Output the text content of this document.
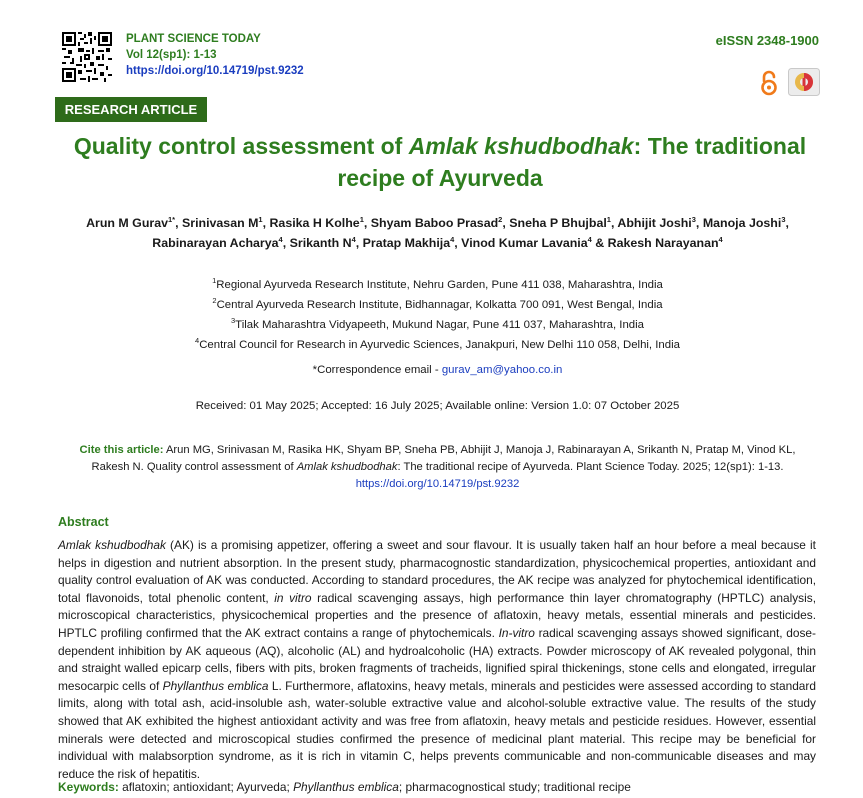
PLANT SCIENCE TODAY
Vol 12(sp1): 1-13
https://doi.org/10.14719/pst.9232
eISSN 2348-1900
RESEARCH ARTICLE
Quality control assessment of Amlak kshudbodhak: The traditional recipe of Ayurveda
Arun M Gurav$^{1*}$, Srinivasan $M^1$, Rasika H Kolhe$^1$, Shyam Baboo Prasad$^2$, Sneha P Bhujbal$^1$, Abhijit Joshi$^3$, Manoja Joshi$^3$, Rabinarayan Acharya$^4$, Srikanth $N^4$, Pratap Makhija$^4$, Vinod Kumar Lavania$^4$ & Rakesh Narayanan$^4$
$^1$Regional Ayurveda Research Institute, Nehru Garden, Pune 411 038, Maharashtra, India
$^2$Central Ayurveda Research Institute, Bidhannagar, Kolkatta 700 091, West Bengal, India
$^3$Tilak Maharashtra Vidyapeeth, Mukund Nagar, Pune 411 037, Maharashtra, India
$^4$Central Council for Research in Ayurvedic Sciences, Janakpuri, New Delhi 110 058, Delhi, India
*Correspondence email - gurav_am@yahoo.co.in
Received: 01 May 2025; Accepted: 16 July 2025; Available online: Version 1.0: 07 October 2025
Cite this article: Arun MG, Srinivasan M, Rasika HK, Shyam BP, Sneha PB, Abhijit J, Manoja J, Rabinarayan A, Srikanth N, Pratap M, Vinod KL, Rakesh N. Quality control assessment of Amlak kshudbodhak: The traditional recipe of Ayurveda. Plant Science Today. 2025; 12(sp1): 1-13. https://doi.org/10.14719/pst.9232
Abstract
Amlak kshudbodhak (AK) is a promising appetizer, offering a sweet and sour flavour. It is usually taken half an hour before a meal because it helps in digestion and nutrient absorption. In the present study, pharmacognostic standardization, physicochemical properties, antioxidant and quality control evaluation of AK was conducted. According to standard procedures, the AK recipe was analyzed for phytochemical identification, total flavonoids, total phenolic content, in vitro radical scavenging assays, high performance thin layer chromatography (HPTLC) analysis, microscopical characteristics, physicochemical properties and the presence of aflatoxin, heavy metals, essential minerals and pesticides. HPTLC profiling confirmed that the AK extract contains a range of phytochemicals. In-vitro radical scavenging assays showed significant, dose-dependent inhibition by AK aqueous (AQ), alcoholic (AL) and hydroalcoholic (HA) extracts. Powder microscopy of AK revealed polygonal, thin and straight walled epicarp cells, fibers with pits, broken fragments of tracheids, lignified spiral thickenings, stone cells and elongated, irregular mesocarpic cells of Phyllanthus emblica L. Furthermore, aflatoxins, heavy metals, minerals and pesticides were assessed according to standard limits, along with total ash, acid-insoluble ash, water-soluble extractive value and alcohol-soluble extractive value. The results of the study showed that AK exhibited the highest antioxidant activity and was free from aflatoxin, heavy metals and pesticide residues. However, essential minerals were detected and microscopical studies confirmed the presence of medicinal plant material. This recipe may be beneficial for individual with malabsorption syndrome, as it is rich in vitamin C, helps prevents communicable and non-communicable diseases and may reduce the risk of hepatitis.
Keywords: aflatoxin; antioxidant; Ayurveda; Phyllanthus emblica; pharmacognostical study; traditional recipe
